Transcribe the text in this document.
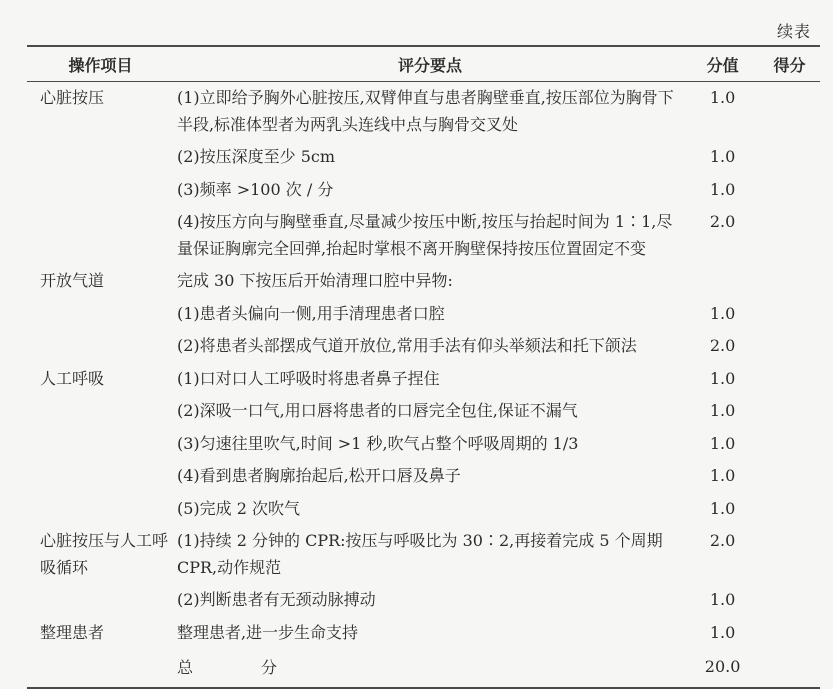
续表
操作项目	评分要点	分值	得分
心脏按压	(1)立即给予胸外心脏按压,双臂伸直与患者胸壁垂直,按压部位为胸骨下半段,标准体型者为两乳头连线中点与胸骨交叉处	1.0	
	(2)按压深度至少 5cm	1.0	
	(3)频率 >100 次 / 分	1.0	
	(4)按压方向与胸壁垂直,尽量减少按压中断,按压与抬起时间为 1∶1,尽量保证胸廓完全回弹,抬起时掌根不离开胸壁保持按压位置固定不变	2.0	
开放气道	完成 30 下按压后开始清理口腔中异物:		
	(1)患者头偏向一侧,用手清理患者口腔	1.0	
	(2)将患者头部摆成气道开放位,常用手法有仰头举颏法和托下颌法	2.0	
人工呼吸	(1)口对口人工呼吸时将患者鼻子捏住	1.0	
	(2)深吸一口气,用口唇将患者的口唇完全包住,保证不漏气	1.0	
	(3)匀速往里吹气,时间 >1 秒,吹气占整个呼吸周期的 1/3	1.0	
	(4)看到患者胸廓抬起后,松开口唇及鼻子	1.0	
	(5)完成 2 次吹气	1.0	
心脏按压与人工呼吸循环	(1)持续 2 分钟的 CPR:按压与呼吸比为 30∶2,再接着完成 5 个周期 CPR,动作规范	2.0	
	(2)判断患者有无颈动脉搏动	1.0	
整理患者	整理患者,进一步生命支持	1.0	
	总　分	20.0	
